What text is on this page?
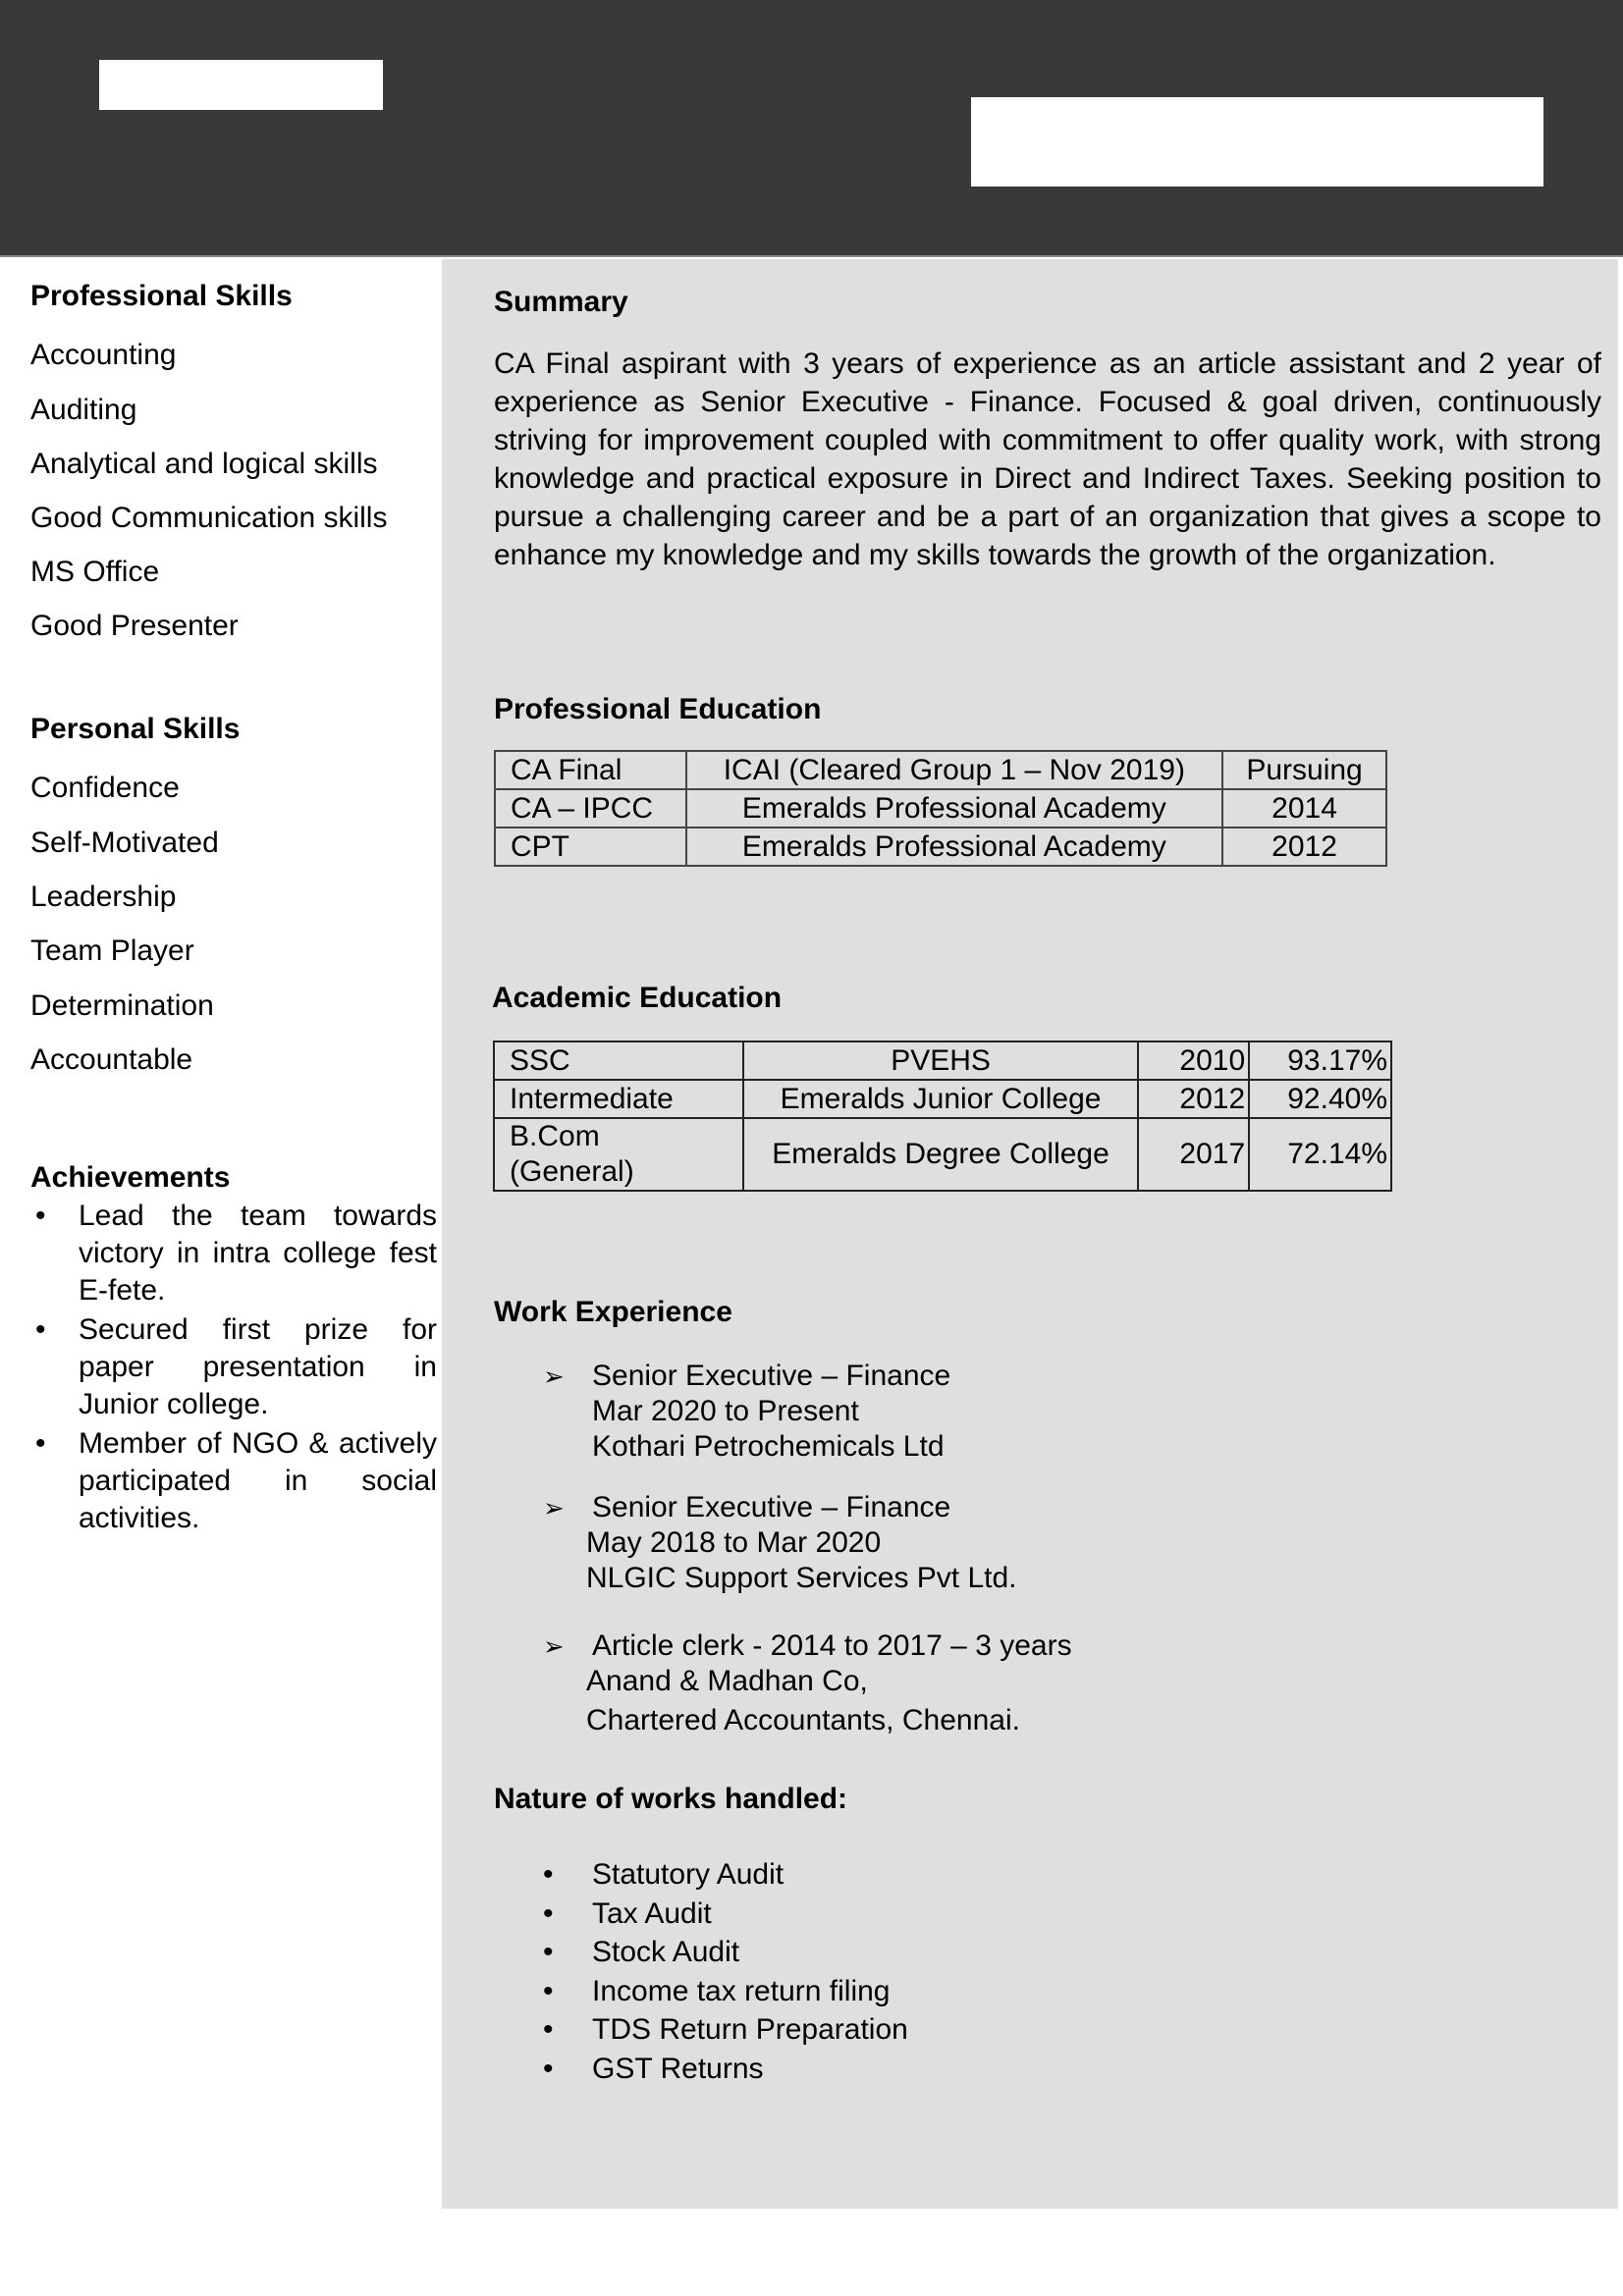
Professional Skills
Accounting
Auditing
Analytical and logical skills
Good Communication skills
MS Office
Good Presenter
Personal Skills
Confidence
Self-Motivated
Leadership
Team Player
Determination
Accountable
Achievements
• Lead the team towards victory in intra college fest E-fete.
• Secured first prize for paper presentation in Junior college.
• Member of NGO & actively participated in social activities.
Summary
CA Final aspirant with 3 years of experience as an article assistant and 2 year of experience as Senior Executive - Finance. Focused & goal driven, continuously striving for improvement coupled with commitment to offer quality work, with strong knowledge and practical exposure in Direct and Indirect Taxes. Seeking position to pursue a challenging career and be a part of an organization that gives a scope to enhance my knowledge and my skills towards the growth of the organization.
Professional Education
CA Final	ICAI (Cleared Group 1 – Nov 2019)	Pursuing
CA – IPCC	Emeralds Professional Academy	2014
CPT	Emeralds Professional Academy	2012
Academic Education
SSC	PVEHS	2010	93.17%
Intermediate	Emeralds Junior College	2012	92.40%
B.Com (General)	Emeralds Degree College	2017	72.14%
Work Experience
➢ Senior Executive – Finance
Mar 2020 to Present
Kothari Petrochemicals Ltd
➢ Senior Executive – Finance
May 2018 to Mar 2020
NLGIC Support Services Pvt Ltd.
➢ Article clerk - 2014 to 2017 – 3 years
Anand & Madhan Co,
Chartered Accountants, Chennai.
Nature of works handled:
• Statutory Audit
• Tax Audit
• Stock Audit
• Income tax return filing
• TDS Return Preparation
• GST Returns
